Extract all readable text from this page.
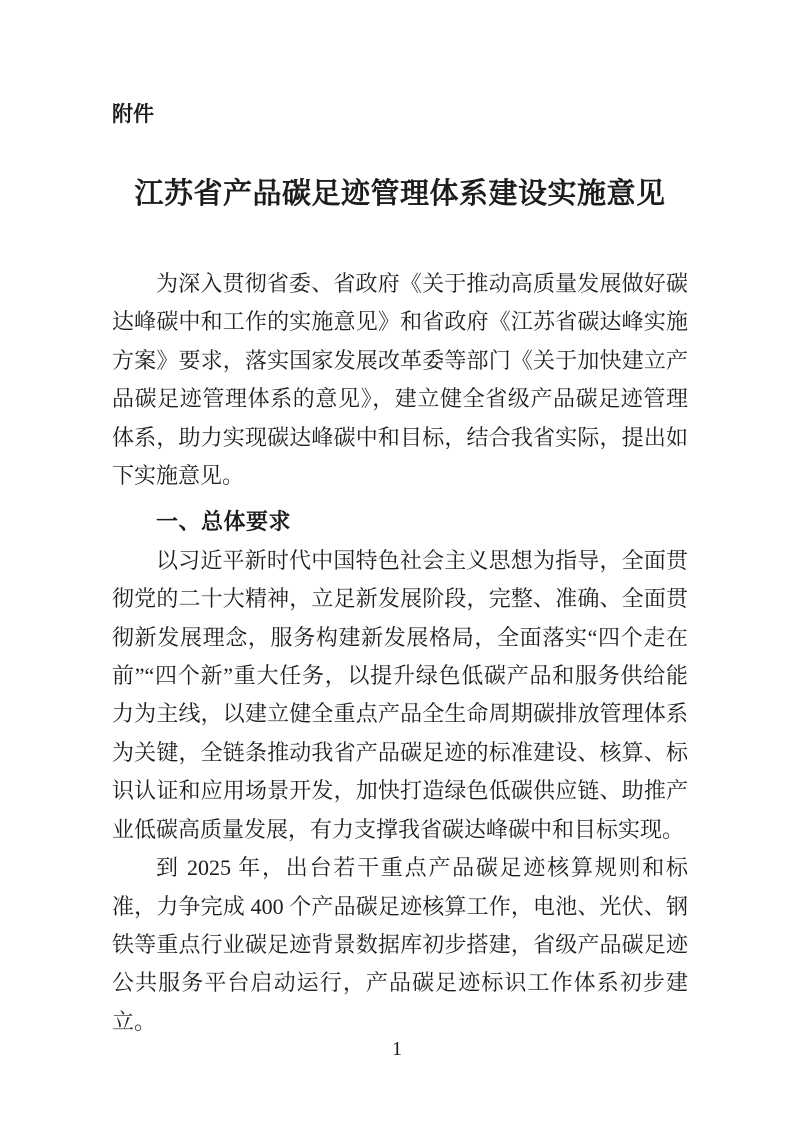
附件
江苏省产品碳足迹管理体系建设实施意见

为深入贯彻省委、省政府《关于推动高质量发展做好碳达峰碳中和工作的实施意见》和省政府《江苏省碳达峰实施方案》要求，落实国家发展改革委等部门《关于加快建立产品碳足迹管理体系的意见》，建立健全省级产品碳足迹管理体系，助力实现碳达峰碳中和目标，结合我省实际，提出如下实施意见。

一、总体要求

以习近平新时代中国特色社会主义思想为指导，全面贯彻党的二十大精神，立足新发展阶段，完整、准确、全面贯彻新发展理念，服务构建新发展格局，全面落实“四个走在前”“四个新”重大任务，以提升绿色低碳产品和服务供给能力为主线，以建立健全重点产品全生命周期碳排放管理体系为关键，全链条推动我省产品碳足迹的标准建设、核算、标识认证和应用场景开发，加快打造绿色低碳供应链、助推产业低碳高质量发展，有力支撑我省碳达峰碳中和目标实现。

到 2025 年，出台若干重点产品碳足迹核算规则和标准，力争完成 400 个产品碳足迹核算工作，电池、光伏、钢铁等重点行业碳足迹背景数据库初步搭建，省级产品碳足迹公共服务平台启动运行，产品碳足迹标识工作体系初步建立。

1
